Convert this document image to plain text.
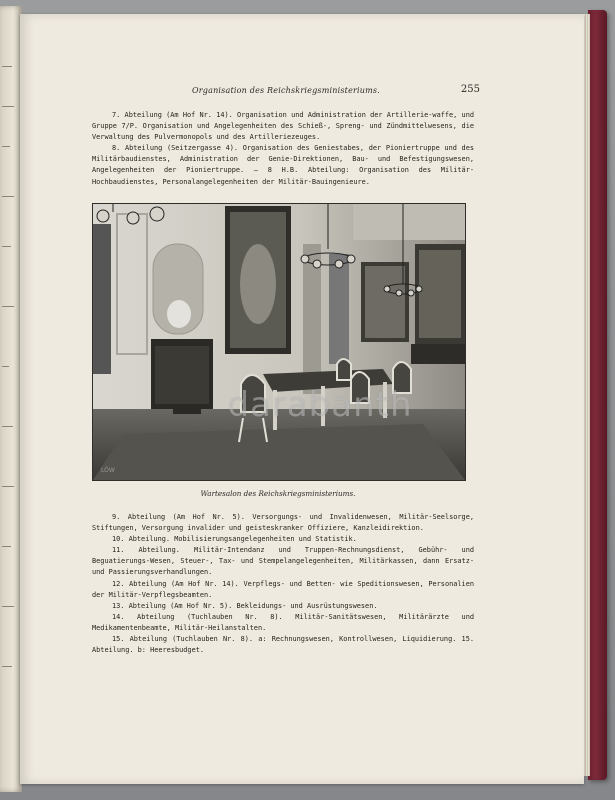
Organisation des Reichskriegsministeriums.	255

7. Abteilung (Am Hof Nr. 14). Organisation und Administration der Artillerie-waffe, und Gruppe 7/P. Organisation und Angelegenheiten des Schieß-, Spreng- und Zündmittelwesens, die Verwaltung des Pulvermonopols und des Artilleriezeuges.

8. Abteilung (Seitzergasse 4). Organisation des Geniestabes, der Pioniertruppe und des Militärbaudienstes, Administration der Genie-Direktionen, Bau- und Befestigungswesen, Angelegenheiten der Pioniertruppe. — 8 H.B. Abteilung: Organisation des Militär-Hochbaudienstes, Personalangelegenheiten der Militär-Bauingenieure.

LÖW
Wartesalon des Reichskriegsministeriums.

9. Abteilung (Am Hof Nr. 5). Versorgungs- und Invalidenwesen, Militär-Seelsorge, Stiftungen, Versorgung invalider und geisteskranker Offiziere, Kanzleidirektion.

10. Abteilung. Mobilisierungsangelegenheiten und Statistik.

11. Abteilung. Militär-Intendanz und Truppen-Rechnungsdienst, Gebühr- und Beguatierungs-Wesen, Steuer-, Tax- und Stempelangelegenheiten, Militärkassen, dann Ersatz- und Passierungsverhandlungen.

12. Abteilung (Am Hof Nr. 14). Verpflegs- und Betten- wie Speditionswesen, Personalien der Militär-Verpflegsbeamten.

13. Abteilung (Am Hof Nr. 5). Bekleidungs- und Ausrüstungswesen.

14. Abteilung (Tuchlauben Nr. 8). Militär-Sanitätswesen, Militärärzte und Medikamentenbeamte, Militär-Heilanstalten.

15. Abteilung (Tuchlauben Nr. 8). a: Rechnungswesen, Kontrollwesen, Liquidierung. 15. Abteilung. b: Heeresbudget.

darabanth
